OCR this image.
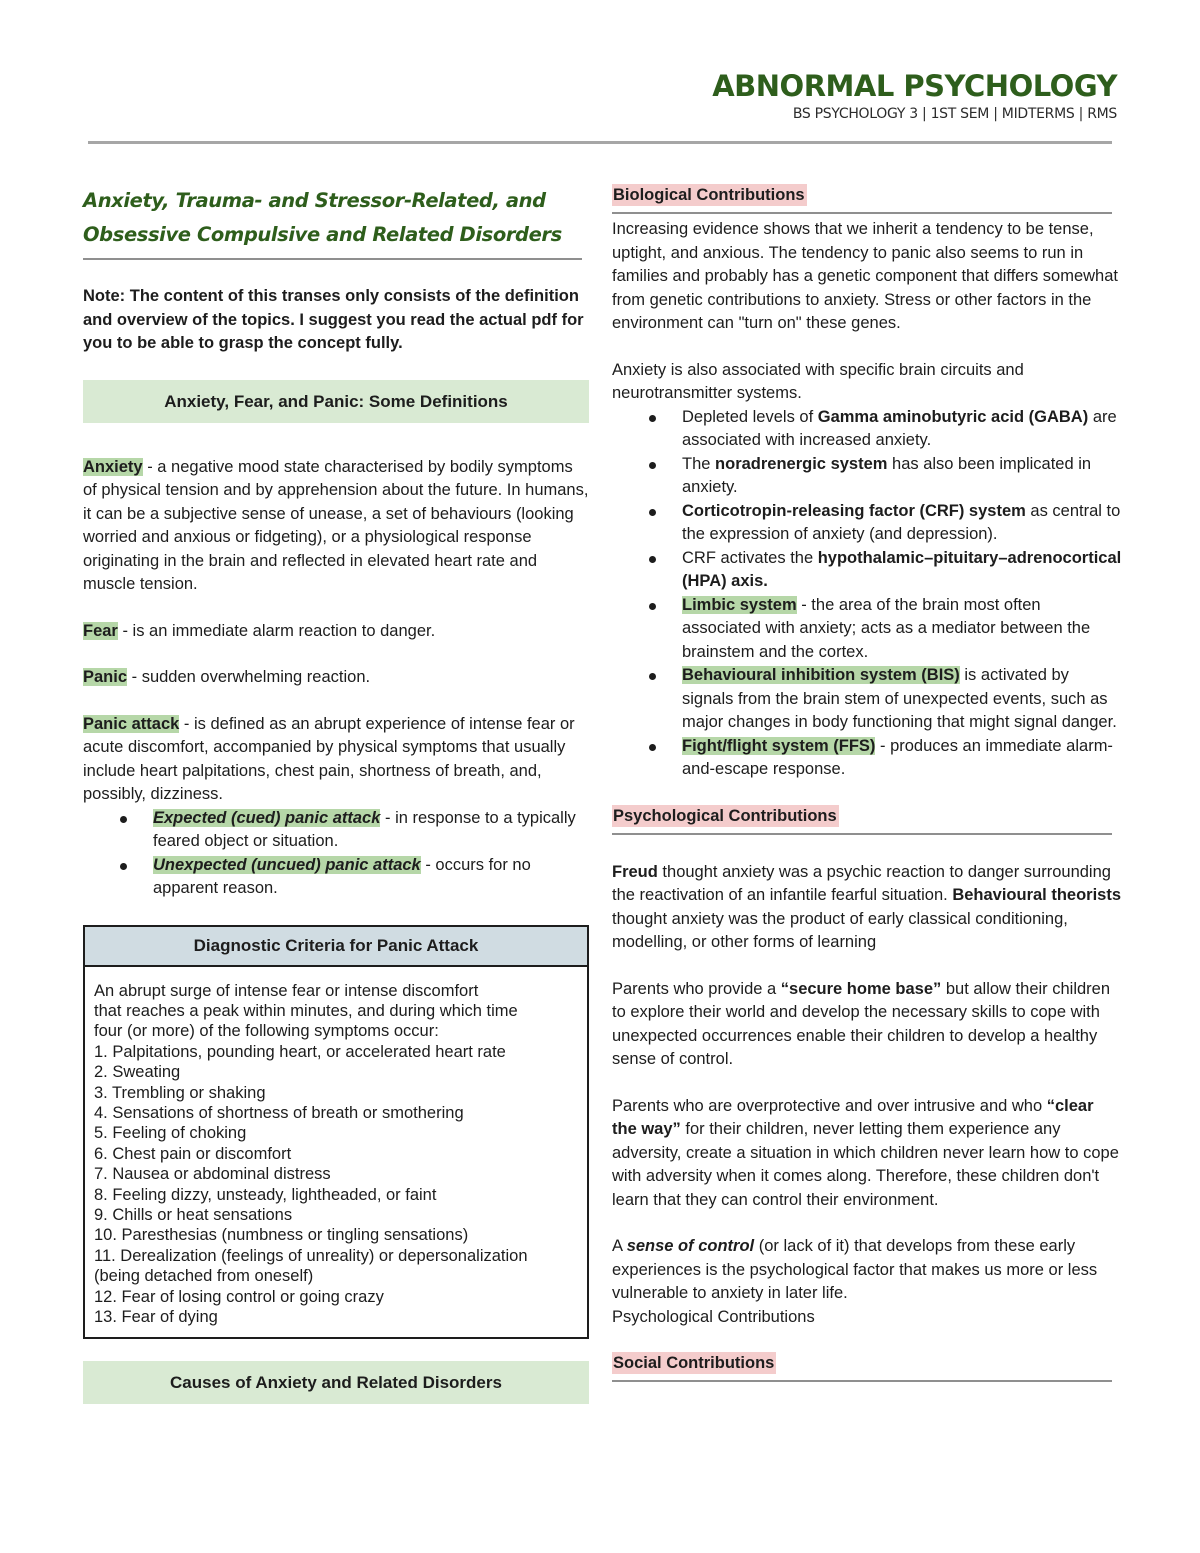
ABNORMAL PSYCHOLOGY
BS PSYCHOLOGY 3 | 1ST SEM | MIDTERMS | RMS
Anxiety, Trauma- and Stressor-Related, and
Obsessive Compulsive and Related Disorders

Note: The content of this transes only consists of the definition and overview of the topics. I suggest you read the actual pdf for you to be able to grasp the concept fully.

Anxiety, Fear, and Panic: Some Definitions

Anxiety - a negative mood state characterised by bodily symptoms of physical tension and by apprehension about the future. In humans, it can be a subjective sense of unease, a set of behaviours (looking worried and anxious or fidgeting), or a physiological response originating in the brain and reflected in elevated heart rate and muscle tension.

Fear - is an immediate alarm reaction to danger.

Panic - sudden overwhelming reaction.

Panic attack - is defined as an abrupt experience of intense fear or acute discomfort, accompanied by physical symptoms that usually include heart palpitations, chest pain, shortness of breath, and, possibly, dizziness.

Expected (cued) panic attack - in response to a typically feared object or situation.
Unexpected (uncued) panic attack - occurs for no apparent reason.
Diagnostic Criteria for Panic Attack
An abrupt surge of intense fear or intense discomfort
that reaches a peak within minutes, and during which time
four (or more) of the following symptoms occur:
1. Palpitations, pounding heart, or accelerated heart rate
2. Sweating
3. Trembling or shaking
4. Sensations of shortness of breath or smothering
5. Feeling of choking
6. Chest pain or discomfort
7. Nausea or abdominal distress
8. Feeling dizzy, unsteady, lightheaded, or faint
9. Chills or heat sensations
10. Paresthesias (numbness or tingling sensations)
11. Derealization (feelings of unreality) or depersonalization
(being detached from oneself)
12. Fear of losing control or going crazy
13. Fear of dying
Causes of Anxiety and Related Disorders
Biological Contributions

Increasing evidence shows that we inherit a tendency to be tense, uptight, and anxious. The tendency to panic also seems to run in families and probably has a genetic component that differs somewhat from genetic contributions to anxiety. Stress or other factors in the environment can "turn on" these genes.

Anxiety is also associated with specific brain circuits and neurotransmitter systems.

Depleted levels of Gamma aminobutyric acid (GABA) are associated with increased anxiety.
The noradrenergic system has also been implicated in anxiety.
Corticotropin-releasing factor (CRF) system as central to the expression of anxiety (and depression).
CRF activates the hypothalamic–pituitary–adrenocortical (HPA) axis.
Limbic system - the area of the brain most often associated with anxiety; acts as a mediator between the brainstem and the cortex.
Behavioural inhibition system (BIS) is activated by signals from the brain stem of unexpected events, such as major changes in body functioning that might signal danger.
Fight/flight system (FFS) - produces an immediate alarm-and-escape response.
Psychological Contributions

Freud thought anxiety was a psychic reaction to danger surrounding the reactivation of an infantile fearful situation. Behavioural theorists thought anxiety was the product of early classical conditioning, modelling, or other forms of learning

Parents who provide a “secure home base” but allow their children to explore their world and develop the necessary skills to cope with unexpected occurrences enable their children to develop a healthy sense of control.

Parents who are overprotective and over intrusive and who “clear the way” for their children, never letting them experience any adversity, create a situation in which children never learn how to cope with adversity when it comes along. Therefore, these children don't learn that they can control their environment.

A sense of control (or lack of it) that develops from these early experiences is the psychological factor that makes us more or less vulnerable to anxiety in later life.

Psychological Contributions

Social Contributions
